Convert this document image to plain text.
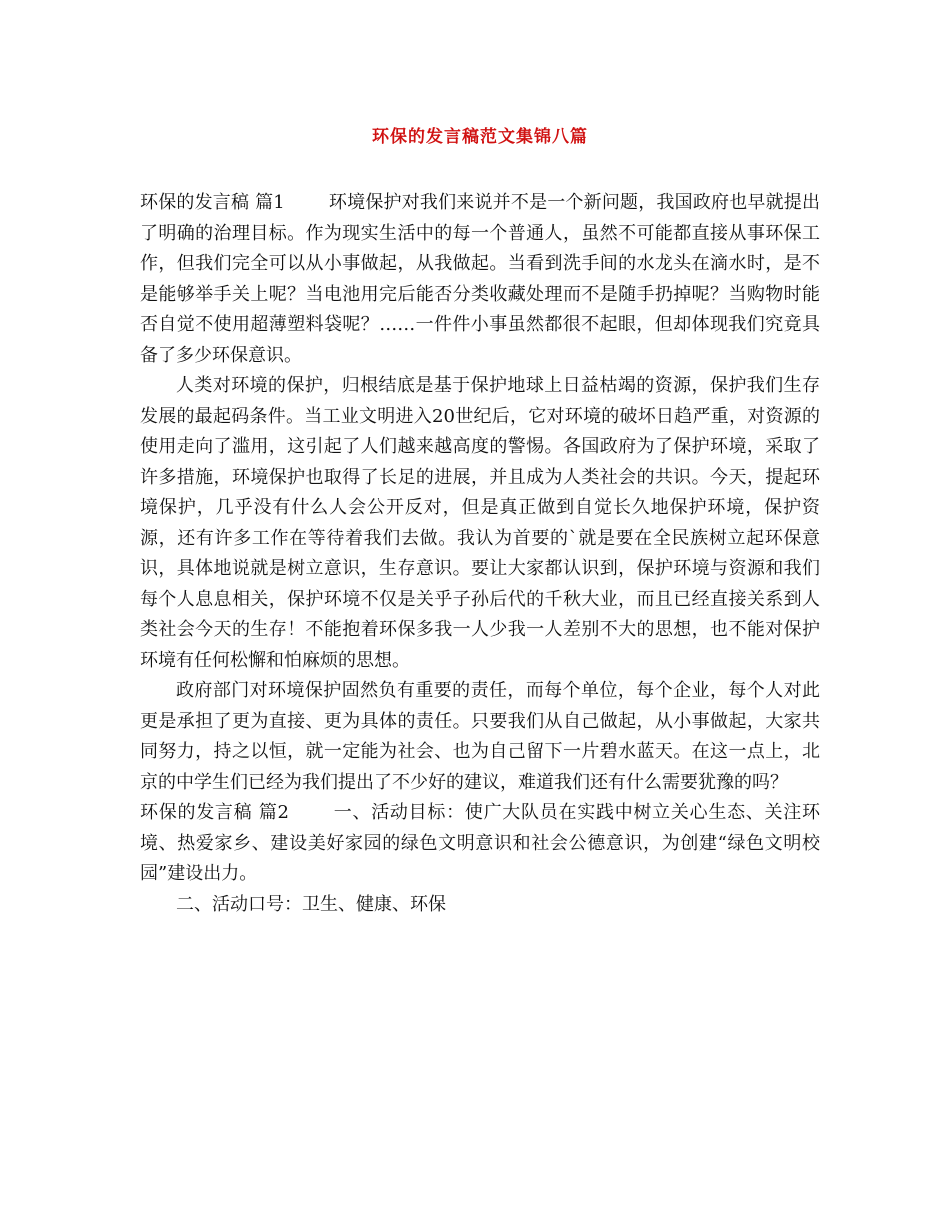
环保的发言稿范文集锦八篇

环保的发言稿 篇1 环境保护对我们来说并不是一个新问题，我国政府也早就提出了明确的治理目标。作为现实生活中的每一个普通人，虽然不可能都直接从事环保工作，但我们完全可以从小事做起，从我做起。当看到洗手间的水龙头在滴水时，是不是能够举手关上呢？当电池用完后能否分类收藏处理而不是随手扔掉呢？当购物时能否自觉不使用超薄塑料袋呢？……一件件小事虽然都很不起眼，但却体现我们究竟具备了多少环保意识。

人类对环境的保护，归根结底是基于保护地球上日益枯竭的资源，保护我们生存发展的最起码条件。当工业文明进入20世纪后，它对环境的破坏日趋严重，对资源的使用走向了滥用，这引起了人们越来越高度的警惕。各国政府为了保护环境，采取了许多措施，环境保护也取得了长足的进展，并且成为人类社会的共识。今天，提起环境保护，几乎没有什么人会公开反对，但是真正做到自觉长久地保护环境，保护资源，还有许多工作在等待着我们去做。我认为首要的`就是要在全民族树立起环保意识，具体地说就是树立意识，生存意识。要让大家都认识到，保护环境与资源和我们每个人息息相关，保护环境不仅是关乎子孙后代的千秋大业，而且已经直接关系到人类社会今天的生存！不能抱着环保多我一人少我一人差别不大的思想，也不能对保护环境有任何松懈和怕麻烦的思想。

政府部门对环境保护固然负有重要的责任，而每个单位，每个企业，每个人对此更是承担了更为直接、更为具体的责任。只要我们从自己做起，从小事做起，大家共同努力，持之以恒，就一定能为社会、也为自己留下一片碧水蓝天。在这一点上，北京的中学生们已经为我们提出了不少好的建议，难道我们还有什么需要犹豫的吗？

环保的发言稿 篇2 一、活动目标：使广大队员在实践中树立关心生态、关注环境、热爱家乡、建设美好家园的绿色文明意识和社会公德意识，为创建“绿色文明校园”建设出力。

二、活动口号：卫生、健康、环保
